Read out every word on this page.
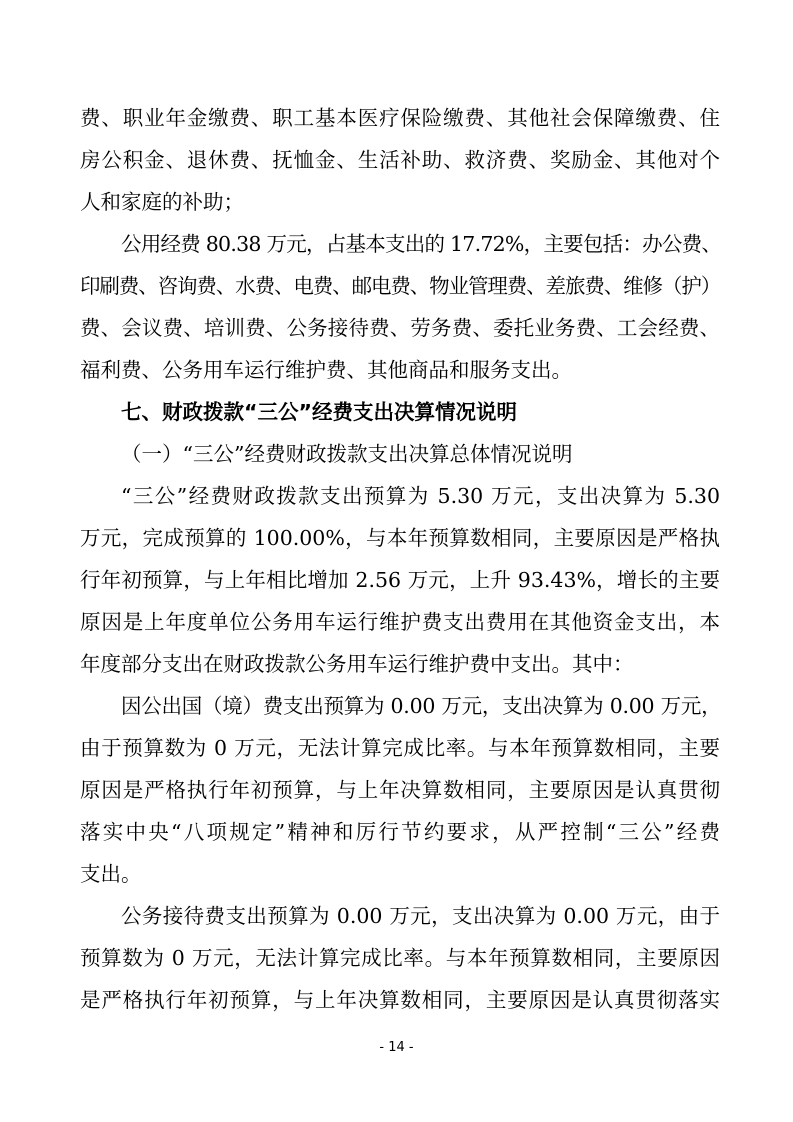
费、职业年金缴费、职工基本医疗保险缴费、其他社会保障缴费、住
房公积金、退休费、抚恤金、生活补助、救济费、奖励金、其他对个
人和家庭的补助；
公用经费 80.38 万元，占基本支出的 17.72%，主要包括：办公费、
印刷费、咨询费、水费、电费、邮电费、物业管理费、差旅费、维修（护）
费、会议费、培训费、公务接待费、劳务费、委托业务费、工会经费、
福利费、公务用车运行维护费、其他商品和服务支出。
七、财政拨款“三公”经费支出决算情况说明
（一）“三公”经费财政拨款支出决算总体情况说明
“三公”经费财政拨款支出预算为 5.30 万元，支出决算为 5.30
万元，完成预算的 100.00%，与本年预算数相同，主要原因是严格执
行年初预算，与上年相比增加 2.56 万元，上升 93.43%，增长的主要
原因是上年度单位公务用车运行维护费支出费用在其他资金支出，本
年度部分支出在财政拨款公务用车运行维护费中支出。其中：
因公出国（境）费支出预算为 0.00 万元，支出决算为 0.00 万元，
由于预算数为 0 万元，无法计算完成比率。与本年预算数相同，主要
原因是严格执行年初预算，与上年决算数相同，主要原因是认真贯彻
落实中央“八项规定”精神和厉行节约要求，从严控制“三公”经费
支出。
公务接待费支出预算为 0.00 万元，支出决算为 0.00 万元，由于
预算数为 0 万元，无法计算完成比率。与本年预算数相同，主要原因
是严格执行年初预算，与上年决算数相同，主要原因是认真贯彻落实
- 14 -
